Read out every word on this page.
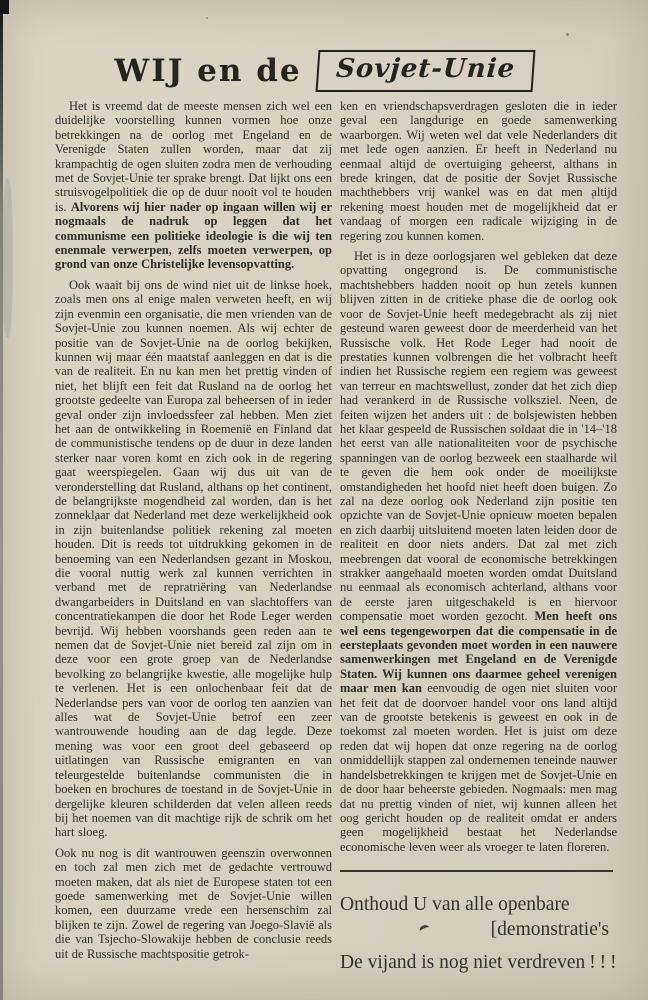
WIJ en de	Sovjet-Unie

Het is vreemd dat de meeste mensen zich wel een duidelijke voorstelling kunnen vormen hoe onze betrekkingen na de oorlog met Engeland en de Verenigde Staten zullen worden, maar dat zij krampachtig de ogen sluiten zodra men de verhouding met de Sovjet-Unie ter sprake brengt. Dat lijkt ons een struisvogelpolitiek die op de duur nooit vol te houden is. Alvorens wij hier nader op ingaan willen wij er nogmaals de nadruk op leggen dat het communisme een politieke ideologie is die wij ten enenmale verwerpen, zelfs moeten verwerpen, op grond van onze Christelijke levensopvatting.

Ook waait bij ons de wind niet uit de linkse hoek, zoals men ons al enige malen verweten heeft, en wij zijn evenmin een organisatie, die men vrienden van de Sovjet-Unie zou kunnen noemen. Als wij echter de positie van de Sovjet-Unie na de oorlog bekijken, kunnen wij maar één maatstaf aanleggen en dat is die van de realiteit. En nu kan men het prettig vinden of niet, het blijft een feit dat Rusland na de oorlog het grootste gedeelte van Europa zal beheersen of in ieder geval onder zijn invloedssfeer zal hebben. Men ziet het aan de ontwikkeling in Roemenië en Finland dat de communistische tendens op de duur in deze landen sterker naar voren komt en zich ook in de regering gaat weerspiegelen. Gaan wij dus uit van de veronderstelling dat Rusland, althans op het continent, de belangrijkste mogendheid zal worden, dan is het zonneklaar dat Nederland met deze werkelijkheid ook in zijn buitenlandse politiek rekening zal moeten houden. Dit is reeds tot uitdrukking gekomen in de benoeming van een Nederlandsen gezant in Moskou, die vooral nuttig werk zal kunnen verrichten in verband met de repratriëring van Nederlandse dwangarbeiders in Duitsland en van slachtoffers van concentratiekampen die door het Rode Leger werden bevrijd. Wij hebben voorshands geen reden aan te nemen dat de Sovjet-Unie niet bereid zal zijn om in deze voor een grote groep van de Nederlandse bevolking zo belangrijke kwestie, alle mogelijke hulp te verlenen. Het is een onlochenbaar feit dat de Nederlandse pers van voor de oorlog ten aanzien van alles wat de Sovjet-Unie betrof een zeer wantrouwende houding aan de dag legde. Deze mening was voor een groot deel gebaseerd op uitlatingen van Russische emigranten en van teleurgestelde buitenlandse communisten die in boeken en brochures de toestand in de Sovjet-Unie in dergelijke kleuren schilderden dat velen alleen reeds bij het noemen van dit machtige rijk de schrik om het hart sloeg.

Ook nu nog is dit wantrouwen geenszin overwonnen en toch zal men zich met de gedachte vertrouwd moeten maken, dat als niet de Europese staten tot een goede samenwerking met de Sovjet-Unie willen komen, een duurzame vrede een hersenschim zal blijken te zijn. Zowel de regering van Joego-Slavië als die van Tsjecho-Slowakije hebben de conclusie reeds uit de Russische machtspositie getrok-

ken en vriendschapsverdragen gesloten die in ieder geval een langdurige en goede samenwerking waarborgen. Wij weten wel dat vele Nederlanders dit met lede ogen aanzien. Er heeft in Nederland nu eenmaal altijd de overtuiging geheerst, althans in brede kringen, dat de positie der Sovjet Russische machthebbers vrij wankel was en dat men altijd rekening moest houden met de mogelijkheid dat er vandaag of morgen een radicale wijziging in de regering zou kunnen komen.

Het is in deze oorlogsjaren wel gebleken dat deze opvatting ongegrond is. De communistische machtshebbers hadden nooit op hun zetels kunnen blijven zitten in de critieke phase die de oorlog ook voor de Sovjet-Unie heeft medegebracht als zij niet gesteund waren geweest door de meerderheid van het Russische volk. Het Rode Leger had nooit de prestaties kunnen volbrengen die het volbracht heeft indien het Russische regiem een regiem was geweest van terreur en machtswellust, zonder dat het zich diep had verankerd in de Russische volksziel. Neen, de feiten wijzen het anders uit : de bolsjewisten hebben het klaar gespeeld de Russischen soldaat die in '14–'18 het eerst van alle nationaliteiten voor de psychische spanningen van de oorlog bezweek een staalharde wil te geven die hem ook onder de moeilijkste omstandigheden het hoofd niet heeft doen buigen. Zo zal na deze oorlog ook Nederland zijn positie ten opzichte van de Sovjet-Unie opnieuw moeten bepalen en zich daarbij uitsluitend moeten laten leiden door de realiteit en door niets anders. Dat zal met zich meebrengen dat vooral de economische betrekkingen strakker aangehaald moeten worden omdat Duitsland nu eenmaal als economisch achterland, althans voor de eerste jaren uitgeschakeld is en hiervoor compensatie moet worden gezocht. Men heeft ons wel eens tegengeworpen dat die compensatie in de eersteplaats gevonden moet worden in een nauwere samenwerkingen met Engeland en de Verenigde Staten. Wij kunnen ons daarmee geheel verenigen maar men kan eenvoudig de ogen niet sluiten voor het feit dat de doorvoer handel voor ons land altijd van de grootste betekenis is geweest en ook in de toekomst zal moeten worden. Het is juist om deze reden dat wij hopen dat onze regering na de oorlog onmiddellijk stappen zal ondernemen teneinde nauwer handelsbetrekkingen te krijgen met de Sovjet-Unie en de door haar beheerste gebieden. Nogmaals: men mag dat nu prettig vinden of niet, wij kunnen alleen het oog gericht houden op de realiteit omdat er anders geen mogelijkheid bestaat het Nederlandse economische leven weer als vroeger te laten floreren.

Onthoud U van alle openbare

[demonstratie's

De vijand is nog niet verdreven ! ! !
